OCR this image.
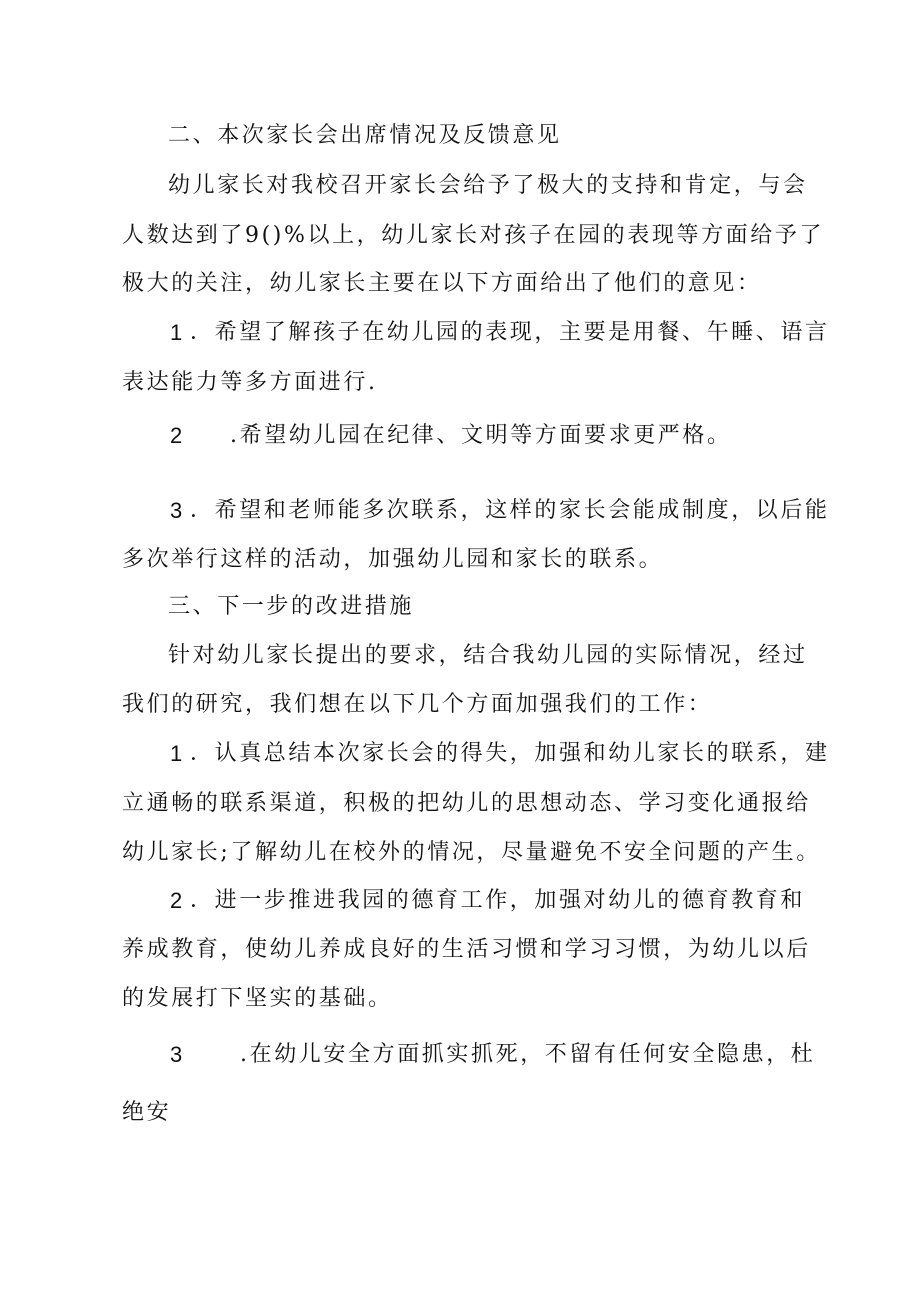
二、本次家长会出席情况及反馈意见

幼儿家长对我校召开家长会给予了极大的支持和肯定，与会

人数达到了9()%以上，幼儿家长对孩子在园的表现等方面给予了

极大的关注，幼儿家长主要在以下方面给出了他们的意见：

1 ．希望了解孩子在幼儿园的表现，主要是用餐、午睡、语言

表达能力等多方面进行.

2 .希望幼儿园在纪律、文明等方面要求更严格。

3 ．希望和老师能多次联系，这样的家长会能成制度，以后能

多次举行这样的活动，加强幼儿园和家长的联系。

三、下一步的改进措施

针对幼儿家长提出的要求，结合我幼儿园的实际情况，经过

我们的研究，我们想在以下几个方面加强我们的工作：

1 ．认真总结本次家长会的得失，加强和幼儿家长的联系，建

立通畅的联系渠道，积极的把幼儿的思想动态、学习变化通报给

幼儿家长;了解幼儿在校外的情况，尽量避免不安全问题的产生。

2 ．进一步推进我园的德育工作，加强对幼儿的德育教育和

养成教育，使幼儿养成良好的生活习惯和学习习惯，为幼儿以后

的发展打下坚实的基础。

3	.在幼儿安全方面抓实抓死，不留有任何安全隐患，杜

绝安
